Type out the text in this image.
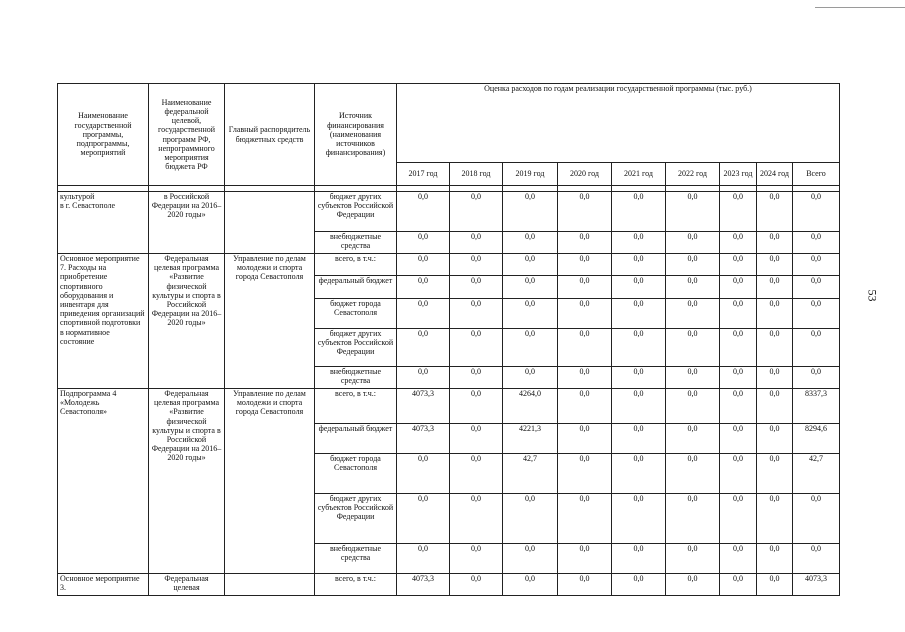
53
Наименование государственной программы, подпрограммы, мероприятий	Наименование федеральной целевой, государственной программ РФ, непрограммного мероприятия бюджета РФ	Главный распорядитель бюджетных средств	Источник финансирования (наименования источников финансирования)	Оценка расходов по годам реализации государственной программы (тыс. руб.)								
				2017 год	2018 год	2019 год	2020 год	2021 год	2022 год	2023 год	2024 год	Всего

культурой
в г. Севастополе	в Российской Федерации на 2016–2020 годы»		бюджет других субъектов Российской Федерации	0,0	0,0	0,0	0,0	0,0	0,0	0,0	0,0	0,0
			внебюджетные средства	0,0	0,0	0,0	0,0	0,0	0,0	0,0	0,0	0,0
Основное мероприятие 7. Расходы на приобретение спортивного оборудования и инвентаря для приведения организаций спортивной подготовки в нормативное состояние	Федеральная целевая программа «Развитие физической культуры и спорта в Российской Федерации на 2016–2020 годы»	Управление по делам молодежи и спорта города Севастополя	всего, в т.ч.:	0,0	0,0	0,0	0,0	0,0	0,0	0,0	0,0	0,0
			федеральный бюджет	0,0	0,0	0,0	0,0	0,0	0,0	0,0	0,0	0,0
			бюджет города Севастополя	0,0	0,0	0,0	0,0	0,0	0,0	0,0	0,0	0,0
			бюджет других субъектов Российской Федерации	0,0	0,0	0,0	0,0	0,0	0,0	0,0	0,0	0,0
			внебюджетные средства	0,0	0,0	0,0	0,0	0,0	0,0	0,0	0,0	0,0
Подпрограмма 4 «Молодежь Севастополя»	Федеральная целевая программа «Развитие физической культуры и спорта в Российской Федерации на 2016–2020 годы»	Управление по делам молодежи и спорта города Севастополя	всего, в т.ч.:	4073,3	0,0	4264,0	0,0	0,0	0,0	0,0	0,0	8337,3
			федеральный бюджет	4073,3	0,0	4221,3	0,0	0,0	0,0	0,0	0,0	8294,6
			бюджет города Севастополя	0,0	0,0	42,7	0,0	0,0	0,0	0,0	0,0	42,7
			бюджет других субъектов Российской Федерации	0,0	0,0	0,0	0,0	0,0	0,0	0,0	0,0	0,0
			внебюджетные средства	0,0	0,0	0,0	0,0	0,0	0,0	0,0	0,0	0,0
Основное мероприятие 3.	Федеральная целевая		всего, в т.ч.:	4073,3	0,0	0,0	0,0	0,0	0,0	0,0	0,0	4073,3
